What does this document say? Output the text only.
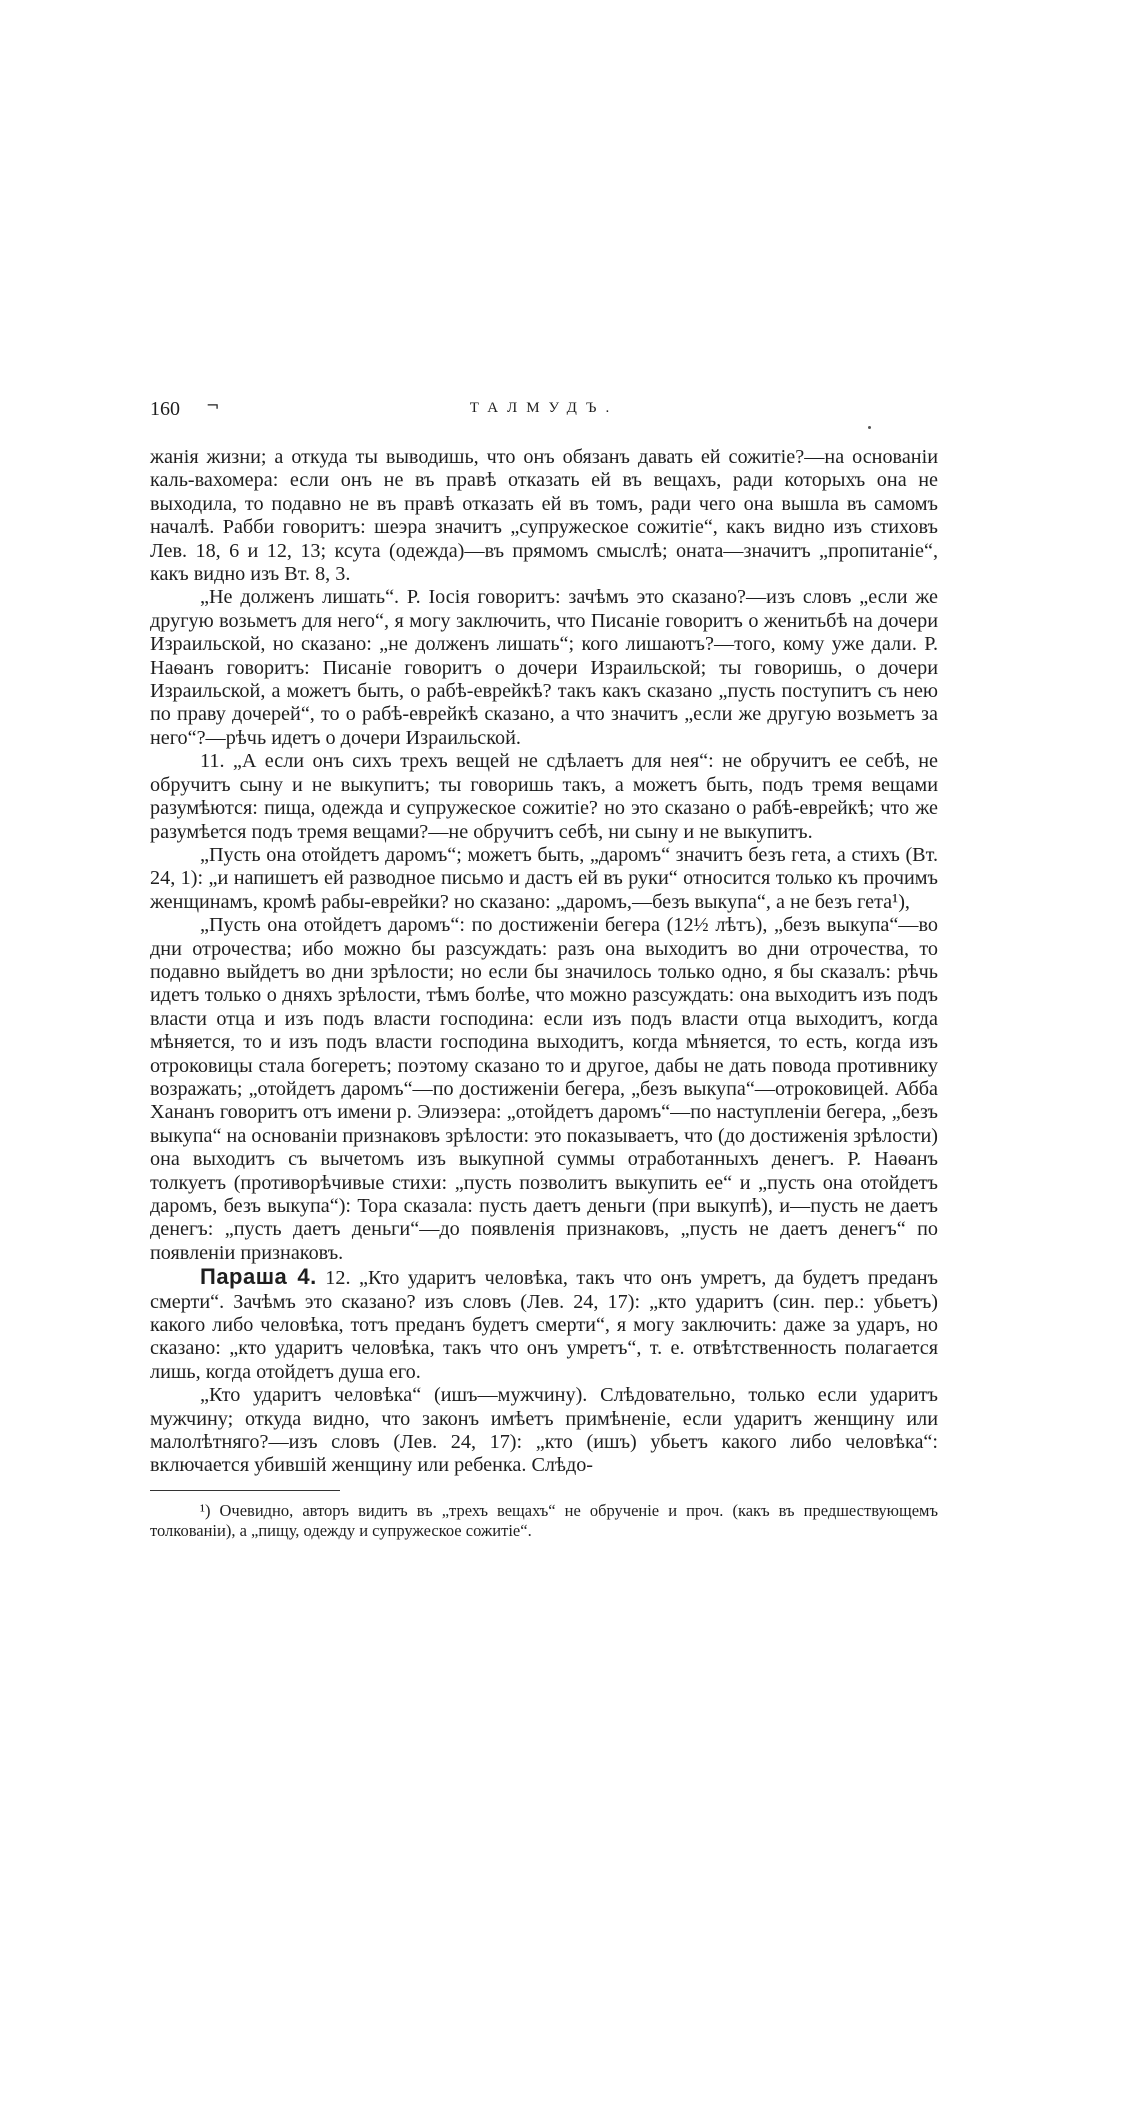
160 ¬	ТАЛМУДЪ.

жанія жизни; а откуда ты выводишь, что онъ обязанъ давать ей сожитіе?—на основаніи каль-вахомера: если онъ не въ правѣ отказать ей въ вещахъ, ради которыхъ она не выходила, то подавно не въ правѣ отказать ей въ томъ, ради чего она вышла въ самомъ началѣ. Рабби говоритъ: шеэра значитъ „супружеское сожитіе“, какъ видно изъ стиховъ Лев. 18, 6 и 12, 13; ксута (одежда)—въ прямомъ смыслѣ; оната—значитъ „пропитаніе“, какъ видно изъ Вт. 8, 3.

„Не долженъ лишать“. Р. Іосія говоритъ: зачѣмъ это сказано?—изъ словъ „если же другую возьметъ для него“, я могу заключить, что Писаніе говоритъ о женитьбѣ на дочери Израильской, но сказано: „не долженъ лишать“; кого лишаютъ?—того, кому уже дали. Р. Наѳанъ говоритъ: Писаніе говоритъ о дочери Израильской; ты говоришь, о дочери Израильской, а можетъ быть, о рабѣ-еврейкѣ? такъ какъ сказано „пусть поступитъ съ нею по праву дочерей“, то о рабѣ-еврейкѣ сказано, а что значитъ „если же другую возьметъ за него“?—рѣчь идетъ о дочери Израильской.

11. „А если онъ сихъ трехъ вещей не сдѣлаетъ для нея“: не обручитъ ее себѣ, не обручитъ сыну и не выкупитъ; ты говоришь такъ, а можетъ быть, подъ тремя вещами разумѣются: пища, одежда и супружеское сожитіе? но это сказано о рабѣ-еврейкѣ; что же разумѣется подъ тремя вещами?—не обручитъ себѣ, ни сыну и не выкупитъ.

„Пусть она отойдетъ даромъ“; можетъ быть, „даромъ“ значитъ безъ гета, а стихъ (Вт. 24, 1): „и напишетъ ей разводное письмо и дастъ ей въ руки“ относится только къ прочимъ женщинамъ, кромѣ рабы-еврейки? но сказано: „даромъ,—безъ выкупа“, а не безъ гета¹),

„Пусть она отойдетъ даромъ“: по достиженіи бегера (12½ лѣтъ), „безъ выкупа“—во дни отрочества; ибо можно бы разсуждать: разъ она выходитъ во дни отрочества, то подавно выйдетъ во дни зрѣлости; но если бы значилось только одно, я бы сказалъ: рѣчь идетъ только о дняхъ зрѣлости, тѣмъ болѣе, что можно разсуждать: она выходитъ изъ подъ власти отца и изъ подъ власти господина: если изъ подъ власти отца выходитъ, когда мѣняется, то и изъ подъ власти господина выходитъ, когда мѣняется, то есть, когда изъ отроковицы стала богеретъ; поэтому сказано то и другое, дабы не дать повода противнику возражать; „отойдетъ даромъ“—по достиженіи бегера, „безъ выкупа“—отроковицей. Абба Хананъ говоритъ отъ имени р. Элиэзера: „отойдетъ даромъ“—по наступленіи бегера, „безъ выкупа“ на основаніи признаковъ зрѣлости: это показываетъ, что (до достиженія зрѣлости) она выходитъ съ вычетомъ изъ выкупной суммы отработанныхъ денегъ. Р. Наѳанъ толкуетъ (противорѣчивые стихи: „пусть позволитъ выкупить ее“ и „пусть она отойдетъ даромъ, безъ выкупа“): Тора сказала: пусть даетъ деньги (при выкупѣ), и—пусть не даетъ денегъ: „пусть даетъ деньги“—до появленія признаковъ, „пусть не даетъ денегъ“ по появленіи признаковъ.

Параша 4. 12. „Кто ударитъ человѣка, такъ что онъ умретъ, да будетъ преданъ смерти“. Зачѣмъ это сказано? изъ словъ (Лев. 24, 17): „кто ударитъ (син. пер.: убьетъ) какого либо человѣка, тотъ преданъ будетъ смерти“, я могу заключить: даже за ударъ, но сказано: „кто ударитъ человѣка, такъ что онъ умретъ“, т. е. отвѣтственность полагается лишь, когда отойдетъ душа его.

„Кто ударитъ человѣка“ (ишъ—мужчину). Слѣдовательно, только если ударитъ мужчину; откуда видно, что законъ имѣетъ примѣненіе, если ударитъ женщину или малолѣтняго?—изъ словъ (Лев. 24, 17): „кто (ишъ) убьетъ какого либо человѣка“: включается убившій женщину или ребенка. Слѣдо-

¹) Очевидно, авторъ видитъ въ „трехъ вещахъ“ не обрученіе и проч. (какъ въ предшествующемъ толкованіи), а „пищу, одежду и супружеское сожитіе“.
